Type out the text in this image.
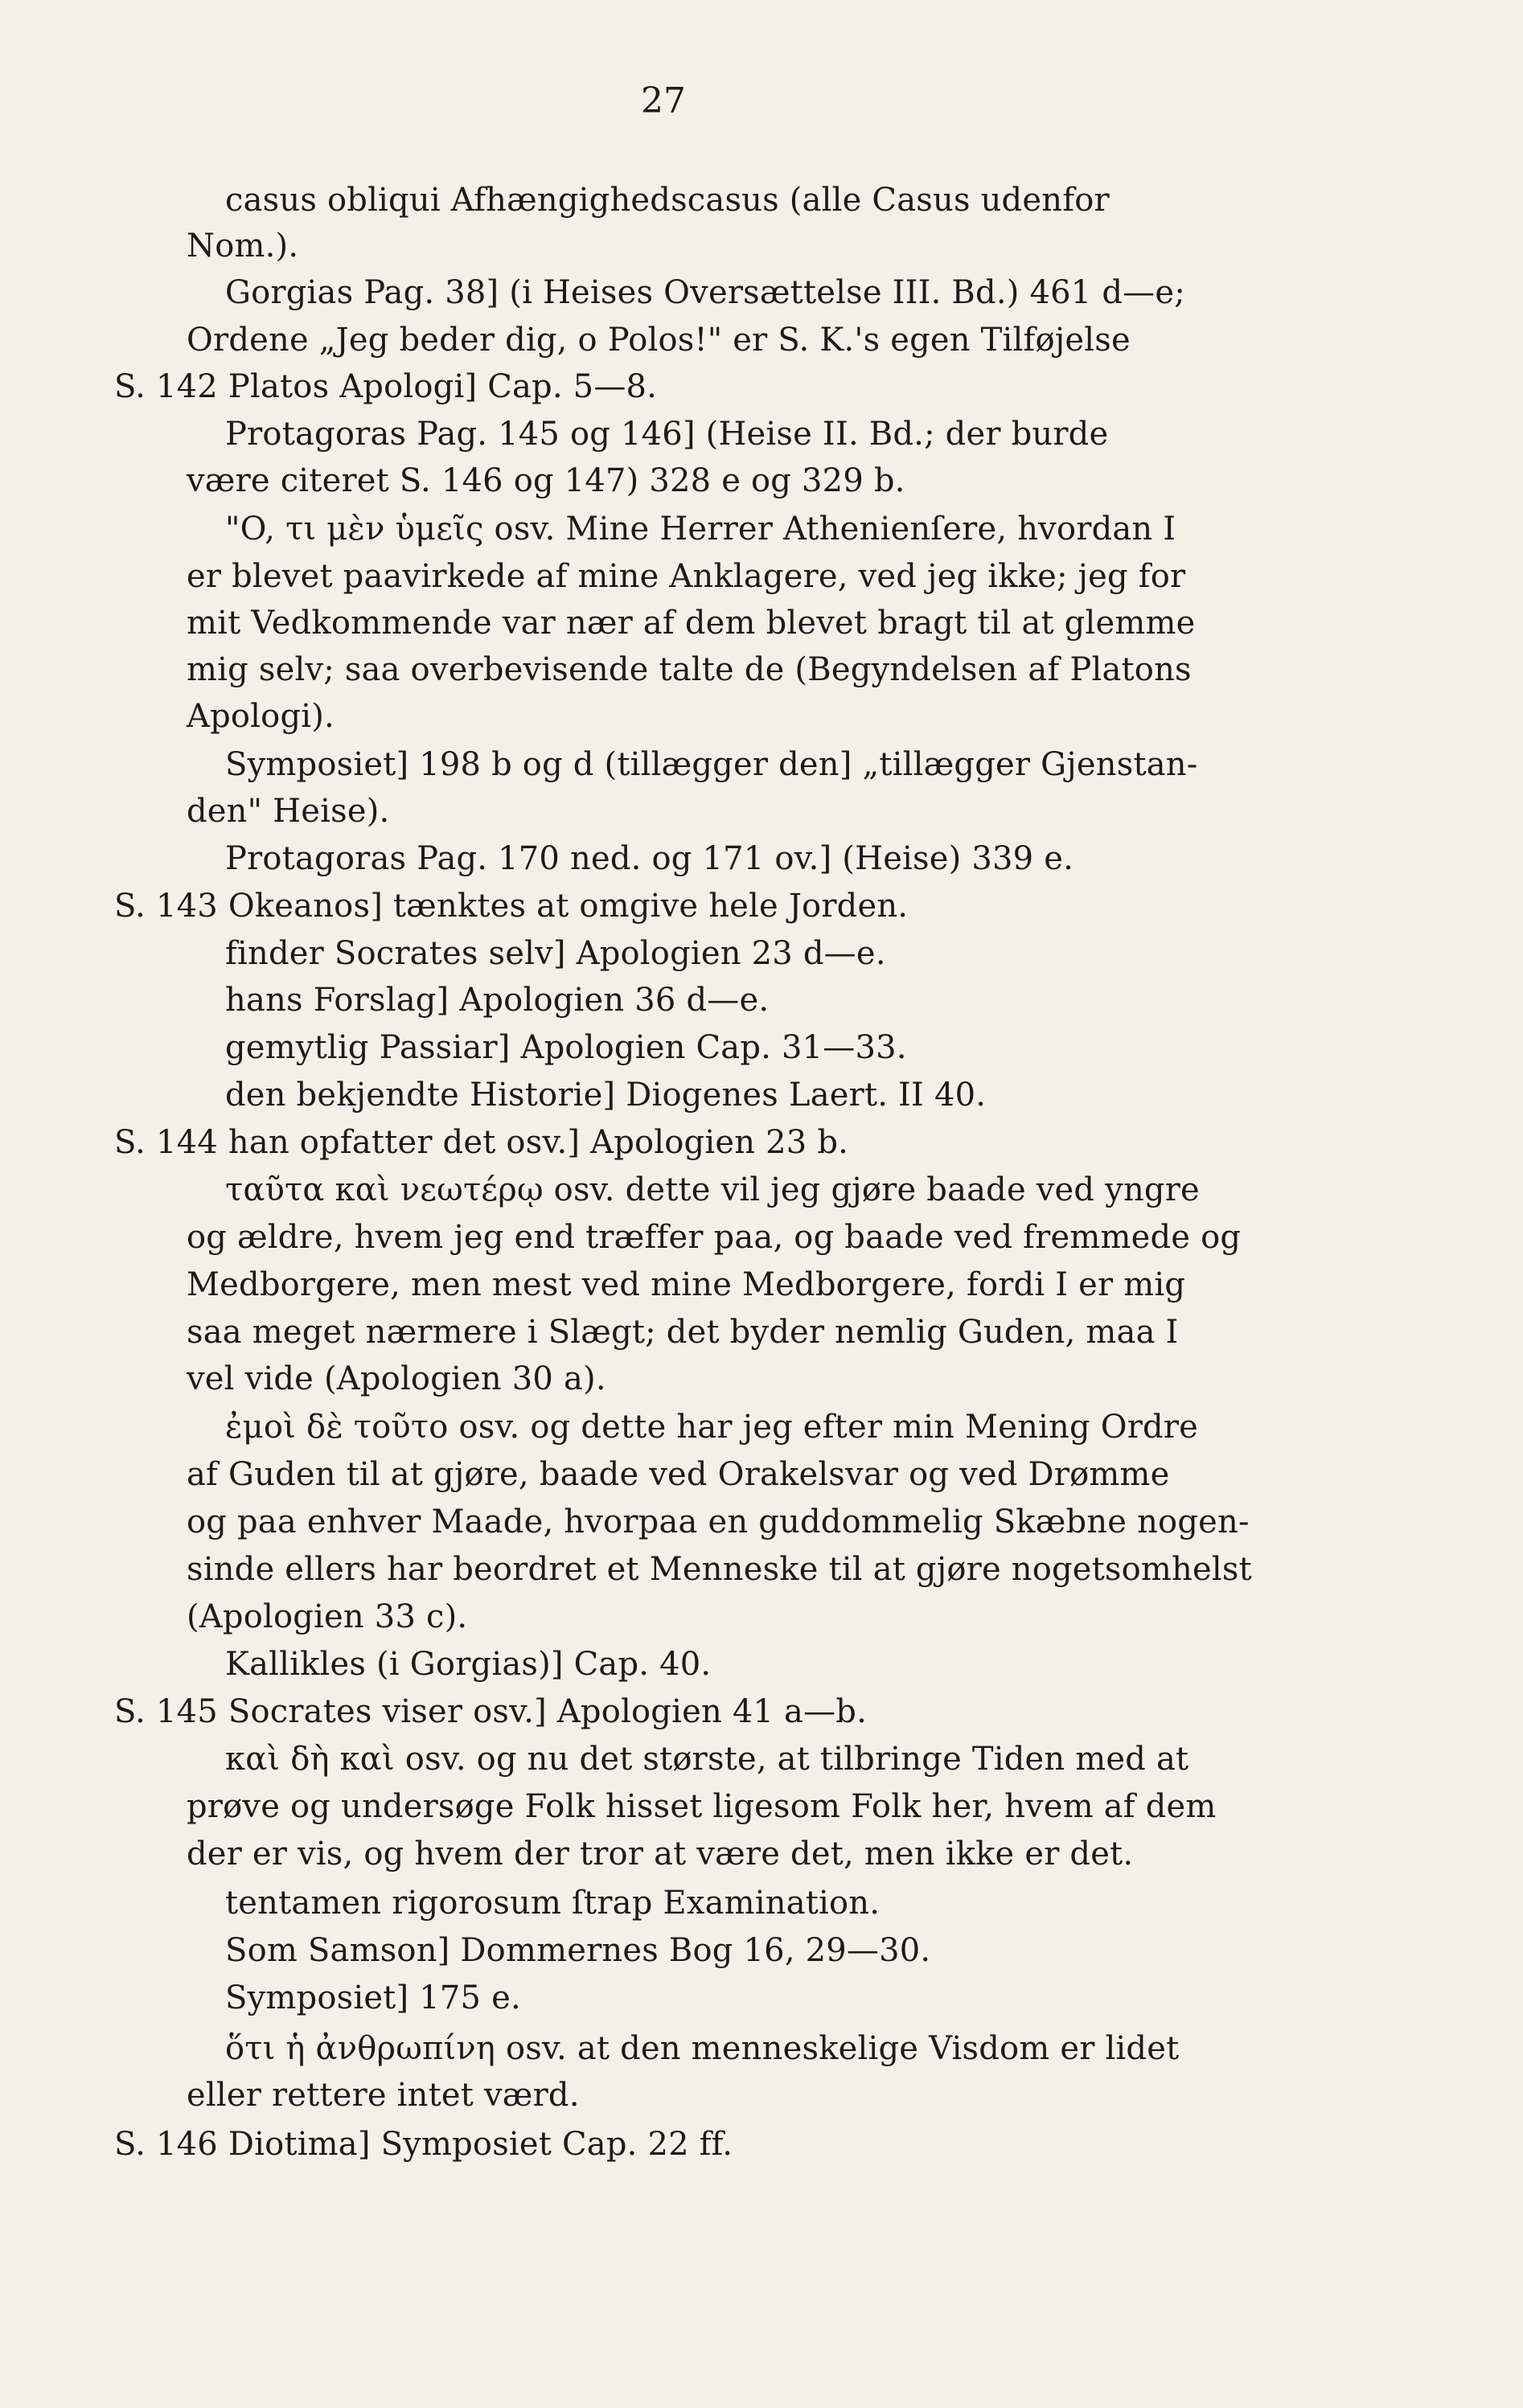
27
casus obliqui Afhængighedscasus (alle Casus udenfor
Nom.).
Gorgias Pag. 38] (i Heises Oversættelse III. Bd.) 461 d—e;
Ordene „Jeg beder dig, o Polos!" er S. K.'s egen Tilføjelse
S. 142 Platos Apologi] Cap. 5—8.
Protagoras Pag. 145 og 146] (Heise II. Bd.; der burde
være citeret S. 146 og 147) 328 e og 329 b.
"O, τι μὲν ὑμεῖς osv. Mine Herrer Athenienſere, hvordan I
er blevet paavirkede af mine Anklagere, ved jeg ikke; jeg for
mit Vedkommende var nær af dem blevet bragt til at glemme
mig selv; saa overbevisende talte de (Begyndelsen af Platons
Apologi).
Symposiet] 198 b og d (tillægger den] „tillægger Gjenstan-
den" Heise).
Protagoras Pag. 170 ned. og 171 ov.] (Heise) 339 e.
S. 143 Okeanos] tænktes at omgive hele Jorden.
finder Socrates selv] Apologien 23 d—e.
hans Forslag] Apologien 36 d—e.
gemytlig Passiar] Apologien Cap. 31—33.
den bekjendte Historie] Diogenes Laert. II 40.
S. 144 han opfatter det osv.] Apologien 23 b.
ταῦτα καὶ νεωτέρῳ osv. dette vil jeg gjøre baade ved yngre
og ældre, hvem jeg end træffer paa, og baade ved fremmede og
Medborgere, men mest ved mine Medborgere, fordi I er mig
saa meget nærmere i Slægt; det byder nemlig Guden, maa I
vel vide (Apologien 30 a).
ἐμοὶ δὲ τοῦτο osv. og dette har jeg efter min Mening Ordre
af Guden til at gjøre, baade ved Orakelsvar og ved Drømme
og paa enhver Maade, hvorpaa en guddommelig Skæbne nogen-
sinde ellers har beordret et Menneske til at gjøre nogetsomhelst
(Apologien 33 c).
Kallikles (i Gorgias)] Cap. 40.
S. 145 Socrates viser osv.] Apologien 41 a—b.
καὶ δὴ καὶ osv. og nu det største, at tilbringe Tiden med at
prøve og undersøge Folk hisset ligesom Folk her, hvem af dem
der er vis, og hvem der tror at være det, men ikke er det.
tentamen rigorosum ſtrap Examination.
Som Samson] Dommernes Bog 16, 29—30.
Symposiet] 175 e.
ὅτι ἡ ἀνθρωπίνη osv. at den menneskelige Visdom er lidet
eller rettere intet værd.
S. 146 Diotima] Symposiet Cap. 22 ff.
